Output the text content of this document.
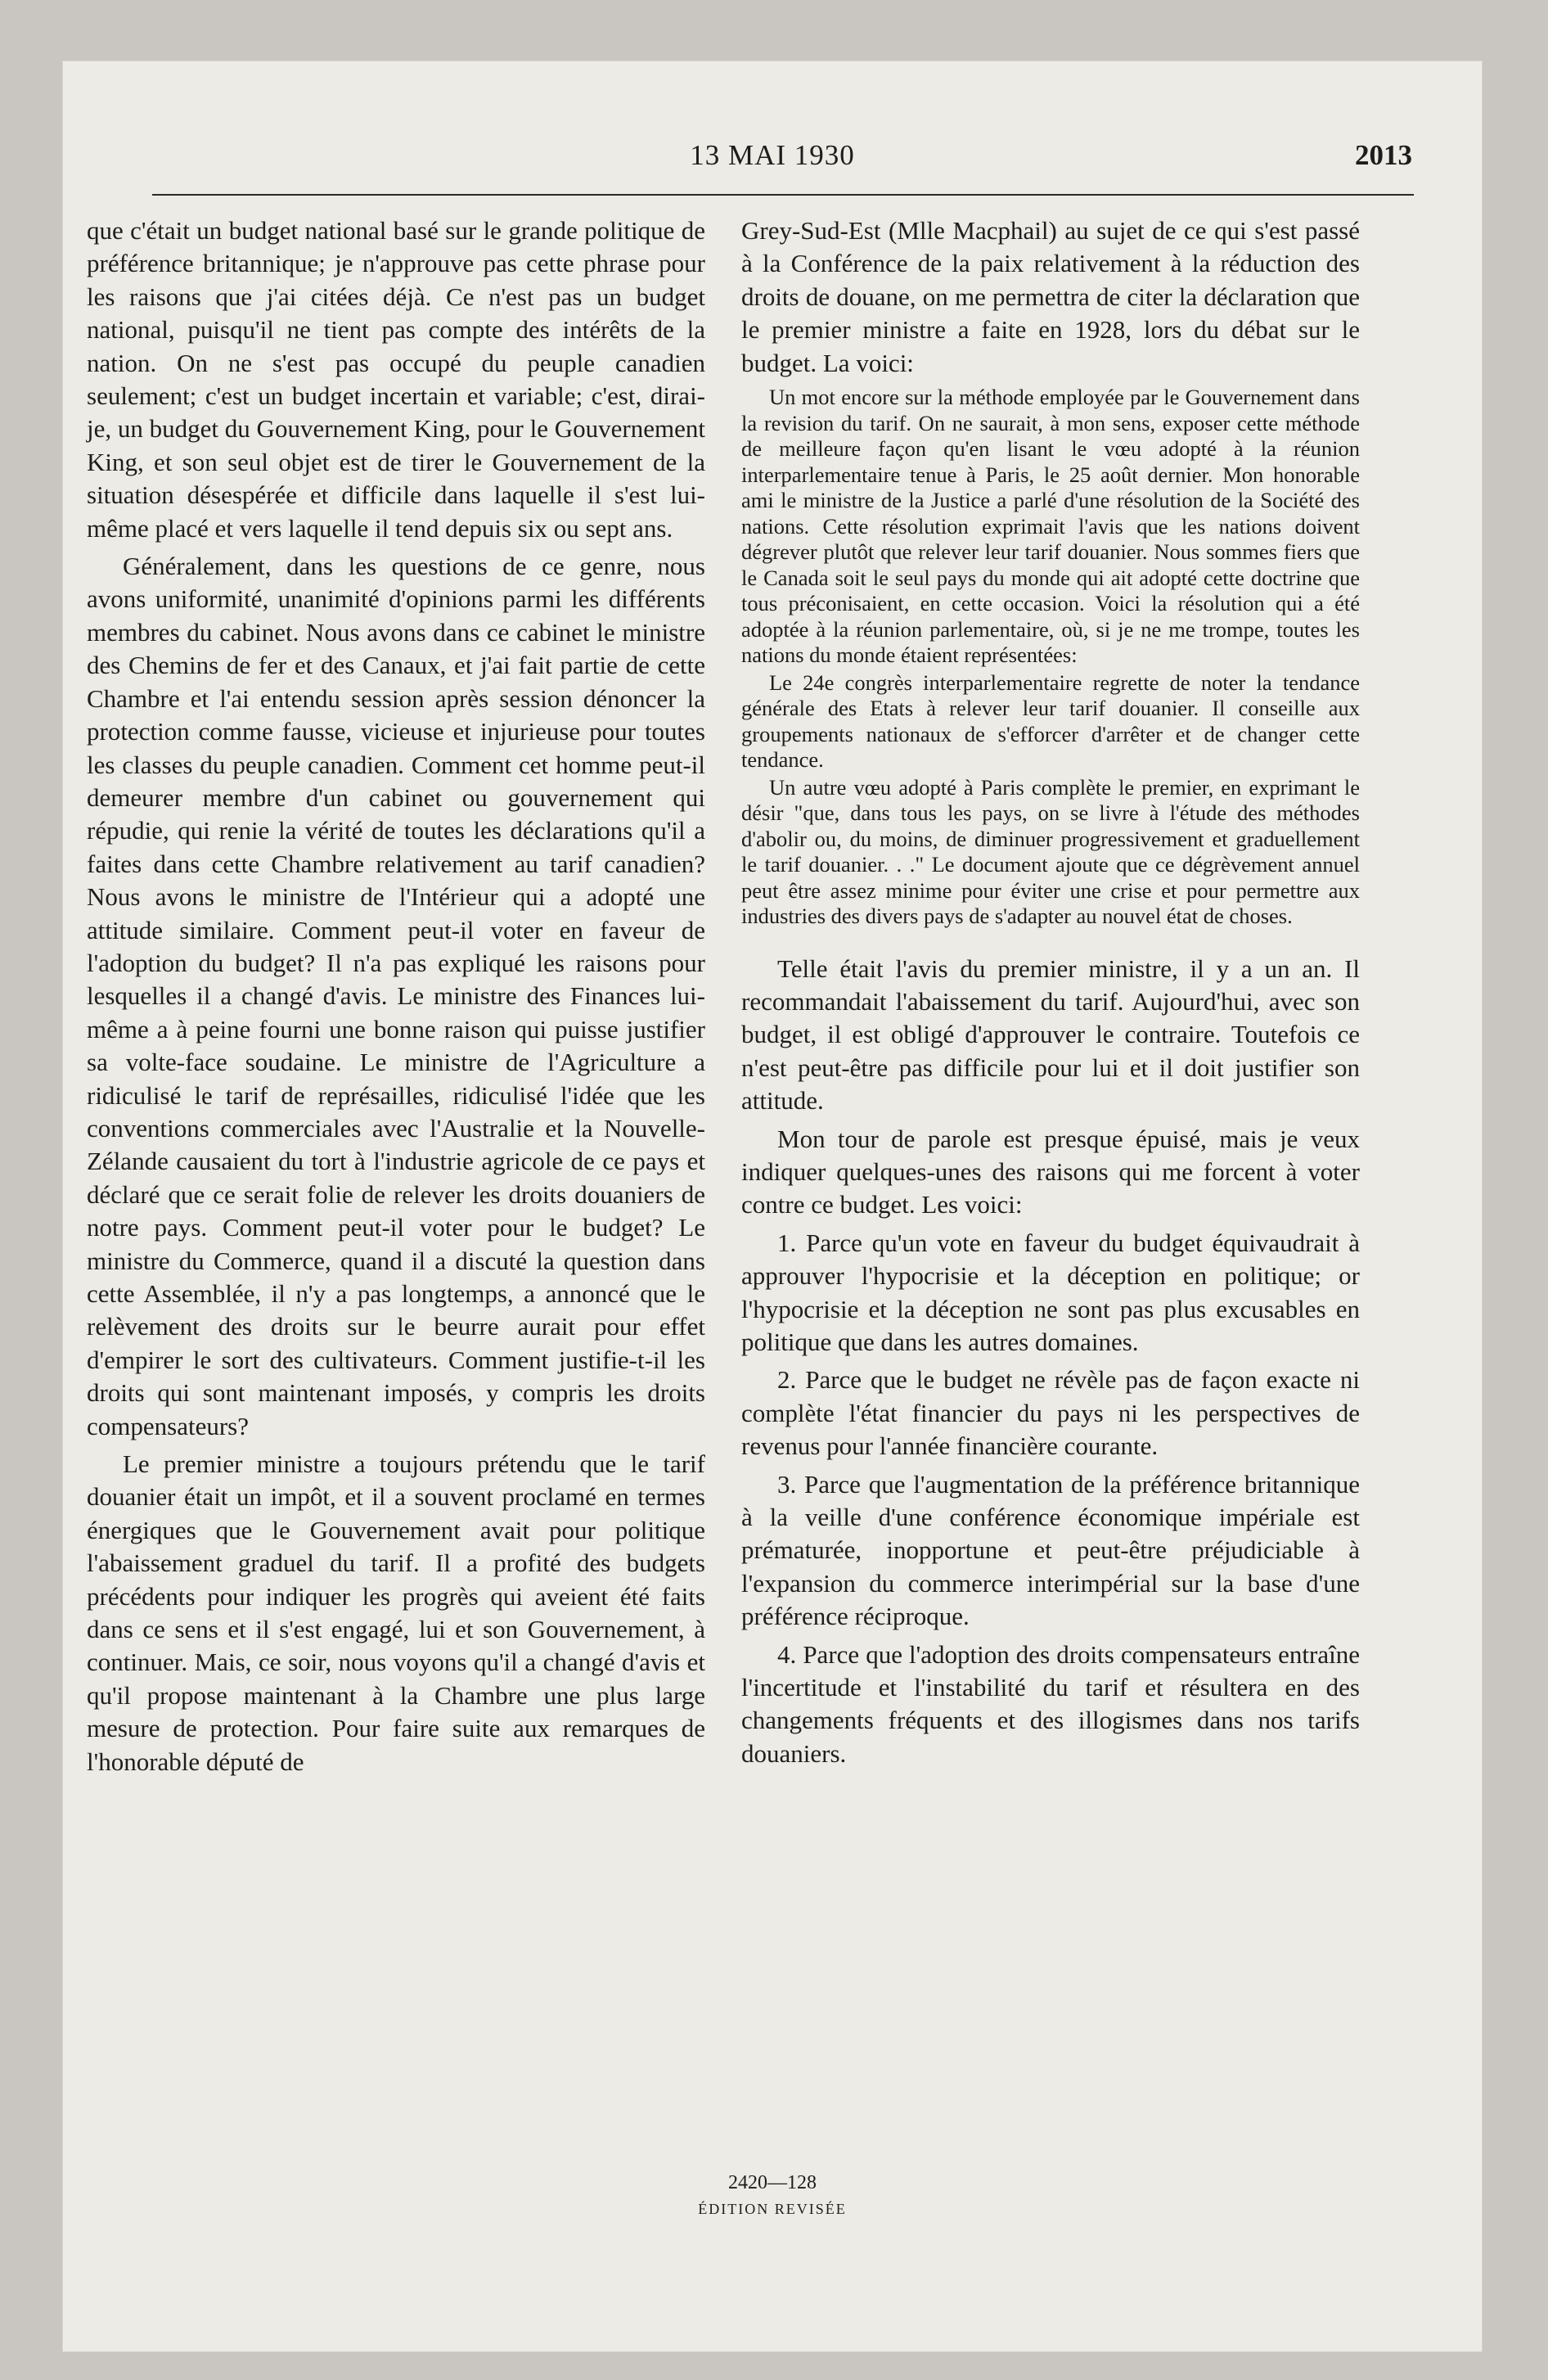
13 MAI 1930	2013

que c'était un budget national basé sur le grande politique de préférence britannique; je n'approuve pas cette phrase pour les raisons que j'ai citées déjà. Ce n'est pas un budget national, puisqu'il ne tient pas compte des intérêts de la nation. On ne s'est pas occupé du peuple canadien seulement; c'est un budget incertain et variable; c'est, dirai-je, un budget du Gouvernement King, pour le Gouvernement King, et son seul objet est de tirer le Gouvernement de la situation désespérée et difficile dans laquelle il s'est lui-même placé et vers laquelle il tend depuis six ou sept ans.

Généralement, dans les questions de ce genre, nous avons uniformité, unanimité d'opinions parmi les différents membres du cabinet. Nous avons dans ce cabinet le ministre des Chemins de fer et des Canaux, et j'ai fait partie de cette Chambre et l'ai entendu session après session dénoncer la protection comme fausse, vicieuse et injurieuse pour toutes les classes du peuple canadien. Comment cet homme peut-il demeurer membre d'un cabinet ou gouvernement qui répudie, qui renie la vérité de toutes les déclarations qu'il a faites dans cette Chambre relativement au tarif canadien? Nous avons le ministre de l'Intérieur qui a adopté une attitude similaire. Comment peut-il voter en faveur de l'adoption du budget? Il n'a pas expliqué les raisons pour lesquelles il a changé d'avis. Le ministre des Finances lui-même a à peine fourni une bonne raison qui puisse justifier sa volte-face soudaine. Le ministre de l'Agriculture a ridiculisé le tarif de représailles, ridiculisé l'idée que les conventions commerciales avec l'Australie et la Nouvelle-Zélande causaient du tort à l'industrie agricole de ce pays et déclaré que ce serait folie de relever les droits douaniers de notre pays. Comment peut-il voter pour le budget? Le ministre du Commerce, quand il a discuté la question dans cette Assemblée, il n'y a pas longtemps, a annoncé que le relèvement des droits sur le beurre aurait pour effet d'empirer le sort des cultivateurs. Comment justifie-t-il les droits qui sont maintenant imposés, y compris les droits compensateurs?

Le premier ministre a toujours prétendu que le tarif douanier était un impôt, et il a souvent proclamé en termes énergiques que le Gouvernement avait pour politique l'abaissement graduel du tarif. Il a profité des budgets précédents pour indiquer les progrès qui aveient été faits dans ce sens et il s'est engagé, lui et son Gouvernement, à continuer. Mais, ce soir, nous voyons qu'il a changé d'avis et qu'il propose maintenant à la Chambre une plus large mesure de protection. Pour faire suite aux remarques de l'honorable député de

Grey-Sud-Est (Mlle Macphail) au sujet de ce qui s'est passé à la Conférence de la paix relativement à la réduction des droits de douane, on me permettra de citer la déclaration que le premier ministre a faite en 1928, lors du débat sur le budget. La voici:

Un mot encore sur la méthode employée par le Gouvernement dans la revision du tarif. On ne saurait, à mon sens, exposer cette méthode de meilleure façon qu'en lisant le vœu adopté à la réunion interparlementaire tenue à Paris, le 25 août dernier. Mon honorable ami le ministre de la Justice a parlé d'une résolution de la Société des nations. Cette résolution exprimait l'avis que les nations doivent dégrever plutôt que relever leur tarif douanier. Nous sommes fiers que le Canada soit le seul pays du monde qui ait adopté cette doctrine que tous préconisaient, en cette occasion. Voici la résolution qui a été adoptée à la réunion parlementaire, où, si je ne me trompe, toutes les nations du monde étaient représentées:

Le 24e congrès interparlementaire regrette de noter la tendance générale des Etats à relever leur tarif douanier. Il conseille aux groupements nationaux de s'efforcer d'arrêter et de changer cette tendance.

Un autre vœu adopté à Paris complète le premier, en exprimant le désir "que, dans tous les pays, on se livre à l'étude des méthodes d'abolir ou, du moins, de diminuer progressivement et graduellement le tarif douanier. . ." Le document ajoute que ce dégrèvement annuel peut être assez minime pour éviter une crise et pour permettre aux industries des divers pays de s'adapter au nouvel état de choses.

Telle était l'avis du premier ministre, il y a un an. Il recommandait l'abaissement du tarif. Aujourd'hui, avec son budget, il est obligé d'approuver le contraire. Toutefois ce n'est peut-être pas difficile pour lui et il doit justifier son attitude.

Mon tour de parole est presque épuisé, mais je veux indiquer quelques-unes des raisons qui me forcent à voter contre ce budget. Les voici:

1. Parce qu'un vote en faveur du budget équivaudrait à approuver l'hypocrisie et la déception en politique; or l'hypocrisie et la déception ne sont pas plus excusables en politique que dans les autres domaines.

2. Parce que le budget ne révèle pas de façon exacte ni complète l'état financier du pays ni les perspectives de revenus pour l'année financière courante.

3. Parce que l'augmentation de la préférence britannique à la veille d'une conférence économique impériale est prématurée, inopportune et peut-être préjudiciable à l'expansion du commerce interimpérial sur la base d'une préférence réciproque.

4. Parce que l'adoption des droits compensateurs entraîne l'incertitude et l'instabilité du tarif et résultera en des changements fréquents et des illogismes dans nos tarifs douaniers.

2420—128
ÉDITION REVISÉE
